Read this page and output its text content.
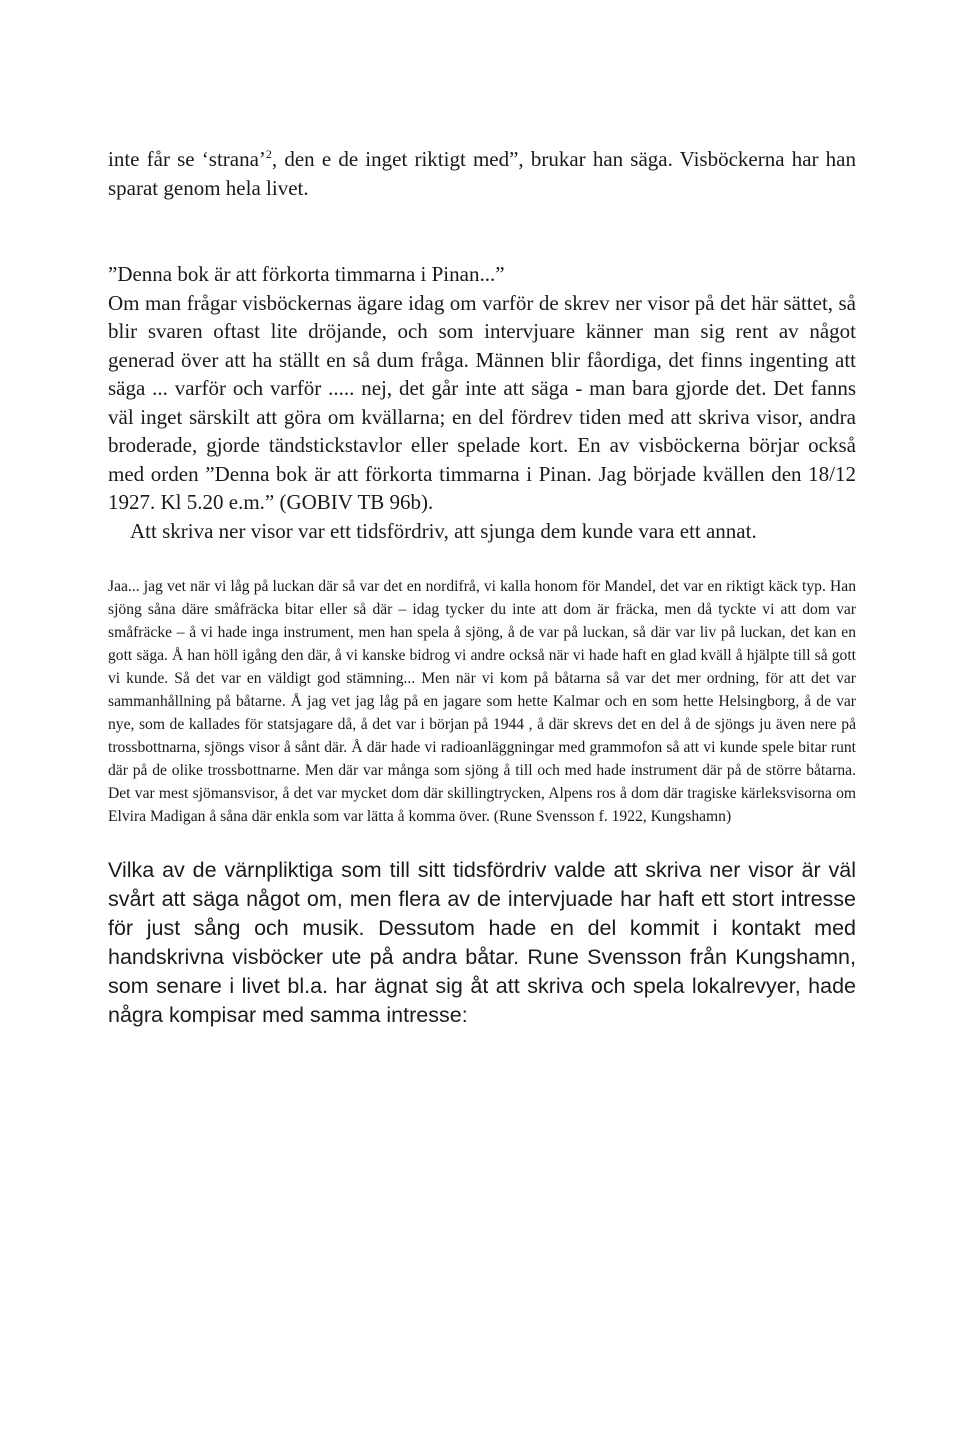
inte får se ‘strana’$^2$, den e de inget riktigt med”, brukar han säga. Visböckerna har han sparat genom hela livet.

”Denna bok är att förkorta timmarna i Pinan...”

Om man frågar visböckernas ägare idag om varför de skrev ner visor på det här sättet, så blir svaren oftast lite dröjande, och som intervjuare känner man sig rent av något generad över att ha ställt en så dum fråga. Männen blir fåordiga, det finns ingenting att säga ... varför och varför ..... nej, det går inte att säga - man bara gjorde det. Det fanns väl inget särskilt att göra om kvällarna; en del fördrev tiden med att skriva visor, andra broderade, gjorde tändstickstavlor eller spelade kort. En av visböckerna börjar också med orden ”Denna bok är att förkorta timmarna i Pinan. Jag började kvällen den 18/12 1927. Kl 5.20 e.m.” (GOBIV TB 96b).

Att skriva ner visor var ett tidsfördriv, att sjunga dem kunde vara ett annat.

Jaa... jag vet när vi låg på luckan där så var det en nordifrå, vi kalla honom för Mandel, det var en riktigt käck typ. Han sjöng såna däre småfräcka bitar eller så där – idag tycker du inte att dom är fräcka, men då tyckte vi att dom var småfräcke – å vi hade inga instrument, men han spela å sjöng, å de var på luckan, så där var liv på luckan, det kan en gott säga. Å han höll igång den där, å vi kanske bidrog vi andre också när vi hade haft en glad kväll å hjälpte till så gott vi kunde. Så det var en väldigt god stämning... Men när vi kom på båtarna så var det mer ordning, för att det var sammanhållning på båtarne. Å jag vet jag låg på en jagare som hette Kalmar och en som hette Helsingborg, å de var nye, som de kallades för statsjagare då, å det var i början på 1944 , å där skrevs det en del å de sjöngs ju även nere på trossbottnarna, sjöngs visor å sånt där. Å där hade vi radioanläggningar med grammofon så att vi kunde spele bitar runt där på de olike trossbottnarne. Men där var många som sjöng å till och med hade instrument där på de större båtarna. Det var mest sjömansvisor, å det var mycket dom där skillingtrycken, Alpens ros å dom där tragiske kärleksvisorna om Elvira Madigan å såna där enkla som var lätta å komma över. (Rune Svensson f. 1922, Kungshamn)

Vilka av de värnpliktiga som till sitt tidsfördriv valde att skriva ner visor är väl svårt att säga något om, men flera av de intervjuade har haft ett stort intresse för just sång och musik. Dessutom hade en del kommit i kontakt med handskrivna visböcker ute på andra båtar. Rune Svensson från Kungshamn, som senare i livet bl.a. har ägnat sig åt att skriva och spela lokalrevyer, hade några kompisar med samma intresse:
